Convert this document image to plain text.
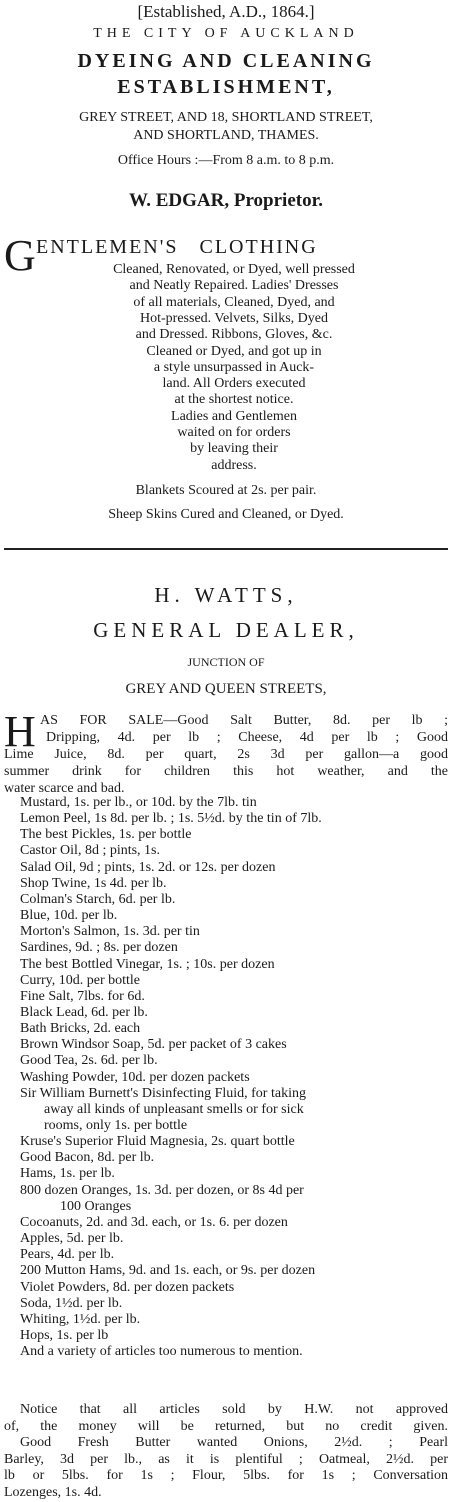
[Established, A.D., 1864.]
THE CITY OF AUCKLAND
DYEING AND CLEANING
ESTABLISHMENT,
GREY STREET, AND 18, SHORTLAND STREET,
AND SHORTLAND, THAMES.
Office Hours :—From 8 a.m. to 8 p.m.
W. EDGAR, Proprietor.
G ENTLEMEN'S   CLOTHING
Cleaned, Renovated, or Dyed, well pressed
and Neatly Repaired. Ladies' Dresses
of all materials, Cleaned, Dyed, and
Hot-pressed. Velvets, Silks, Dyed
and Dressed. Ribbons, Gloves, &c.
Cleaned or Dyed, and got up in
a style unsurpassed in Auck-
land. All Orders executed
at the shortest notice.
Ladies and Gentlemen
waited on for orders
by leaving their
address.
Blankets Scoured at 2s. per pair.
Sheep Skins Cured and Cleaned, or Dyed.
H. WATTS,
GENERAL DEALER,
JUNCTION OF
GREY AND QUEEN STREETS,
H AS FOR SALE—Good Salt Butter, 8d. per lb ;
Dripping, 4d. per lb ; Cheese, 4d per lb ; Good
Lime Juice, 8d. per quart, 2s 3d per gallon—a good
summer drink for children this hot weather, and the
water scarce and bad.
Mustard, 1s. per lb., or 10d. by the 7lb. tin
Lemon Peel, 1s 8d. per lb. ; 1s. 5½d. by the tin of 7lb.
The best Pickles, 1s. per bottle
Castor Oil, 8d ; pints, 1s.
Salad Oil, 9d ; pints, 1s. 2d. or 12s. per dozen
Shop Twine, 1s 4d. per lb.
Colman's Starch, 6d. per lb.
Blue, 10d. per lb.
Morton's Salmon, 1s. 3d. per tin
Sardines, 9d. ; 8s. per dozen
The best Bottled Vinegar, 1s. ; 10s. per dozen
Curry, 10d. per bottle
Fine Salt, 7lbs. for 6d.
Black Lead, 6d. per lb.
Bath Bricks, 2d. each
Brown Windsor Soap, 5d. per packet of 3 cakes
Good Tea, 2s. 6d. per lb.
Washing Powder, 10d. per dozen packets
Sir William Burnett's Disinfecting Fluid, for taking
away all kinds of unpleasant smells or for sick
rooms, only 1s. per bottle
Kruse's Superior Fluid Magnesia, 2s. quart bottle
Good Bacon, 8d. per lb.
Hams, 1s. per lb.
800 dozen Oranges, 1s. 3d. per dozen, or 8s 4d per
100 Oranges
Cocoanuts, 2d. and 3d. each, or 1s. 6. per dozen
Apples, 5d. per lb.
Pears, 4d. per lb.
200 Mutton Hams, 9d. and 1s. each, or 9s. per dozen
Violet Powders, 8d. per dozen packets
Soda, 1½d. per lb.
Whiting, 1½d. per lb.
Hops, 1s. per lb
And a variety of articles too numerous to mention.
Notice that all articles sold by H.W. not approved
of, the money will be returned, but no credit given.
Good Fresh Butter wanted Onions, 2½d. ; Pearl
Barley, 3d per lb., as it is plentiful ; Oatmeal, 2½d. per
lb or 5lbs. for 1s ; Flour, 5lbs. for 1s ; Conversation
Lozenges, 1s. 4d.
